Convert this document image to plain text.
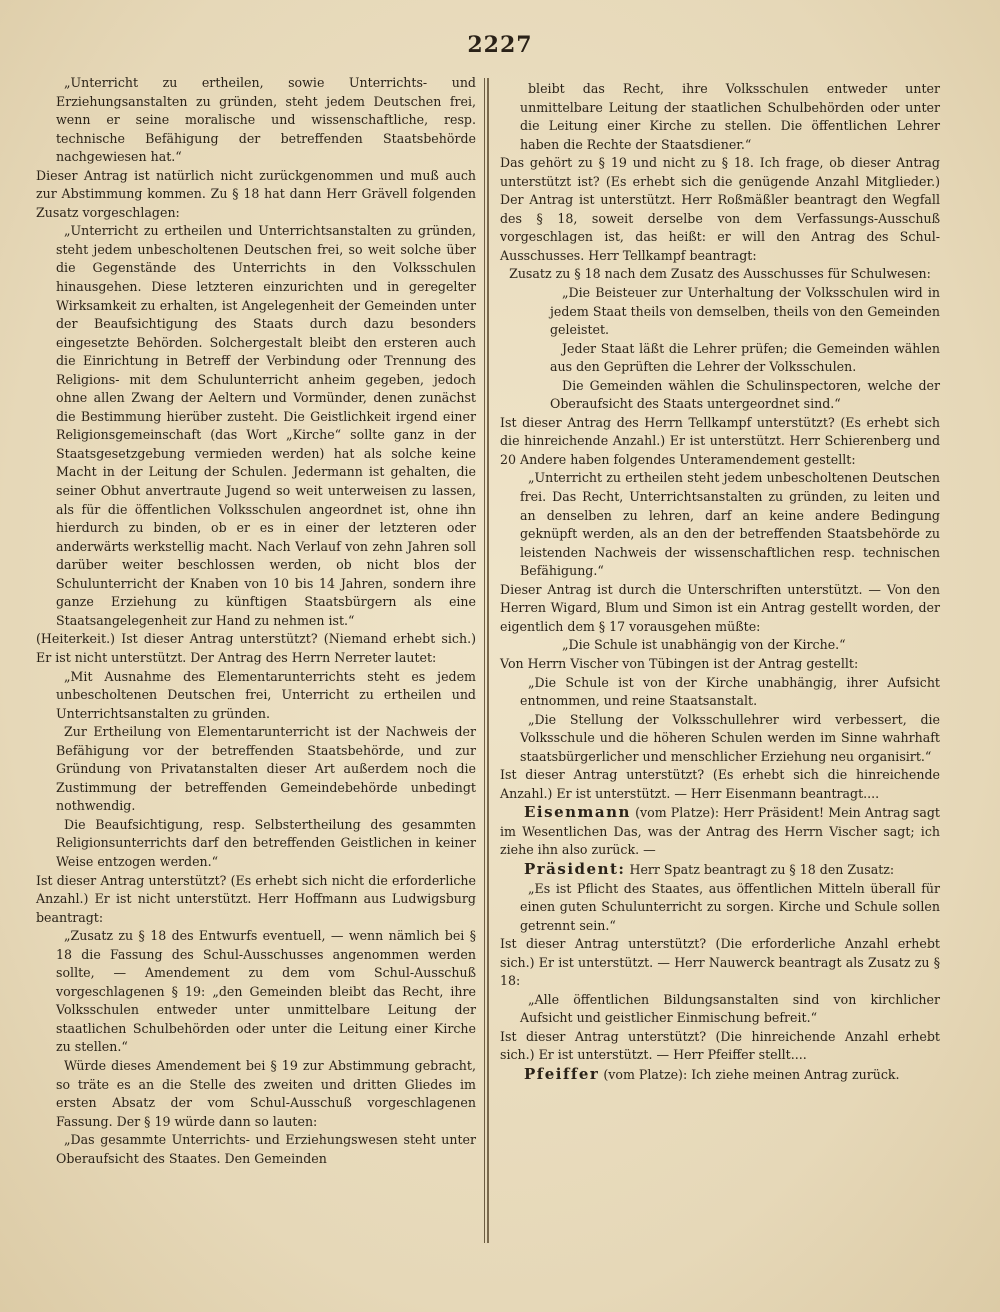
2227

„Unterricht zu ertheilen, sowie Unterrichts- und Erziehungsanstalten zu gründen, steht jedem Deutschen frei, wenn er seine moralische und wissenschaftliche, resp. technische Befähigung der betreffenden Staatsbehörde nachgewiesen hat.“

Dieser Antrag ist natürlich nicht zurückgenommen und muß auch zur Abstimmung kommen. Zu § 18 hat dann Herr Grävell folgenden Zusatz vorgeschlagen:

„Unterricht zu ertheilen und Unterrichtsanstalten zu gründen, steht jedem unbescholtenen Deutschen frei, so weit solche über die Gegenstände des Unterrichts in den Volksschulen hinausgehen. Diese letzteren einzurichten und in geregelter Wirksamkeit zu erhalten, ist Angelegenheit der Gemeinden unter der Beaufsichtigung des Staats durch dazu besonders eingesetzte Behörden. Solchergestalt bleibt den ersteren auch die Einrichtung in Betreff der Verbindung oder Trennung des Religions- mit dem Schulunterricht anheim gegeben, jedoch ohne allen Zwang der Aeltern und Vormünder, denen zunächst die Bestimmung hierüber zusteht. Die Geistlichkeit irgend einer Religionsgemeinschaft (das Wort „Kirche“ sollte ganz in der Staatsgesetzgebung vermieden werden) hat als solche keine Macht in der Leitung der Schulen. Jedermann ist gehalten, die seiner Obhut anvertraute Jugend so weit unterweisen zu lassen, als für die öffentlichen Volksschulen angeordnet ist, ohne ihn hierdurch zu binden, ob er es in einer der letzteren oder anderwärts werkstellig macht. Nach Verlauf von zehn Jahren soll darüber weiter beschlossen werden, ob nicht blos der Schulunterricht der Knaben von 10 bis 14 Jahren, sondern ihre ganze Erziehung zu künftigen Staatsbürgern als eine Staatsangelegenheit zur Hand zu nehmen ist.“

(Heiterkeit.) Ist dieser Antrag unterstützt? (Niemand erhebt sich.) Er ist nicht unterstützt. Der Antrag des Herrn Nerreter lautet:

„Mit Ausnahme des Elementarunterrichts steht es jedem unbescholtenen Deutschen frei, Unterricht zu ertheilen und Unterrichtsanstalten zu gründen.

Zur Ertheilung von Elementarunterricht ist der Nachweis der Befähigung vor der betreffenden Staatsbehörde, und zur Gründung von Privatanstalten dieser Art außerdem noch die Zustimmung der betreffenden Gemeindebehörde unbedingt nothwendig.

Die Beaufsichtigung, resp. Selbstertheilung des gesammten Religionsunterrichts darf den betreffenden Geistlichen in keiner Weise entzogen werden.“

Ist dieser Antrag unterstützt? (Es erhebt sich nicht die erforderliche Anzahl.) Er ist nicht unterstützt. Herr Hoffmann aus Ludwigsburg beantragt:

„Zusatz zu § 18 des Entwurfs eventuell, — wenn nämlich bei § 18 die Fassung des Schul-Ausschusses angenommen werden sollte, — Amendement zu dem vom Schul-Ausschuß vorgeschlagenen § 19: „den Gemeinden bleibt das Recht, ihre Volksschulen entweder unter unmittelbare Leitung der staatlichen Schulbehörden oder unter die Leitung einer Kirche zu stellen.“

Würde dieses Amendement bei § 19 zur Abstimmung gebracht, so träte es an die Stelle des zweiten und dritten Gliedes im ersten Absatz der vom Schul-Ausschuß vorgeschlagenen Fassung. Der § 19 würde dann so lauten:

„Das gesammte Unterrichts- und Erziehungswesen steht unter Oberaufsicht des Staates. Den Gemeinden

bleibt das Recht, ihre Volksschulen entweder unter unmittelbare Leitung der staatlichen Schulbehörden oder unter die Leitung einer Kirche zu stellen. Die öffentlichen Lehrer haben die Rechte der Staatsdiener.“

Das gehört zu § 19 und nicht zu § 18. Ich frage, ob dieser Antrag unterstützt ist? (Es erhebt sich die genügende Anzahl Mitglieder.) Der Antrag ist unterstützt. Herr Roßmäßler beantragt den Wegfall des § 18, soweit derselbe von dem Verfassungs-Ausschuß vorgeschlagen ist, das heißt: er will den Antrag des Schul-Ausschusses. Herr Tellkampf beantragt:

Zusatz zu § 18 nach dem Zusatz des Ausschusses für Schulwesen:

„Die Beisteuer zur Unterhaltung der Volksschulen wird in jedem Staat theils von demselben, theils von den Gemeinden geleistet.

Jeder Staat läßt die Lehrer prüfen; die Gemeinden wählen aus den Geprüften die Lehrer der Volksschulen.

Die Gemeinden wählen die Schulinspectoren, welche der Oberaufsicht des Staats untergeordnet sind.“

Ist dieser Antrag des Herrn Tellkampf unterstützt? (Es erhebt sich die hinreichende Anzahl.) Er ist unterstützt. Herr Schierenberg und 20 Andere haben folgendes Unteramendement gestellt:

„Unterricht zu ertheilen steht jedem unbescholtenen Deutschen frei. Das Recht, Unterrichtsanstalten zu gründen, zu leiten und an denselben zu lehren, darf an keine andere Bedingung geknüpft werden, als an den der betreffenden Staatsbehörde zu leistenden Nachweis der wissenschaftlichen resp. technischen Befähigung.“

Dieser Antrag ist durch die Unterschriften unterstützt. — Von den Herren Wigard, Blum und Simon ist ein Antrag gestellt worden, der eigentlich dem § 17 vorausgehen müßte:

„Die Schule ist unabhängig von der Kirche.“

Von Herrn Vischer von Tübingen ist der Antrag gestellt:

„Die Schule ist von der Kirche unabhängig, ihrer Aufsicht entnommen, und reine Staatsanstalt.

„Die Stellung der Volksschullehrer wird verbessert, die Volksschule und die höheren Schulen werden im Sinne wahrhaft staatsbürgerlicher und menschlicher Erziehung neu organisirt.“

Ist dieser Antrag unterstützt? (Es erhebt sich die hinreichende Anzahl.) Er ist unterstützt. — Herr Eisenmann beantragt....

Eisenmann (vom Platze): Herr Präsident! Mein Antrag sagt im Wesentlichen Das, was der Antrag des Herrn Vischer sagt; ich ziehe ihn also zurück. —

Präsident: Herr Spatz beantragt zu § 18 den Zusatz:

„Es ist Pflicht des Staates, aus öffentlichen Mitteln überall für einen guten Schulunterricht zu sorgen. Kirche und Schule sollen getrennt sein.“

Ist dieser Antrag unterstützt? (Die erforderliche Anzahl erhebt sich.) Er ist unterstützt. — Herr Nauwerck beantragt als Zusatz zu § 18:

„Alle öffentlichen Bildungsanstalten sind von kirchlicher Aufsicht und geistlicher Einmischung befreit.“

Ist dieser Antrag unterstützt? (Die hinreichende Anzahl erhebt sich.) Er ist unterstützt. — Herr Pfeiffer stellt....

Pfeiffer (vom Platze): Ich ziehe meinen Antrag zurück.
